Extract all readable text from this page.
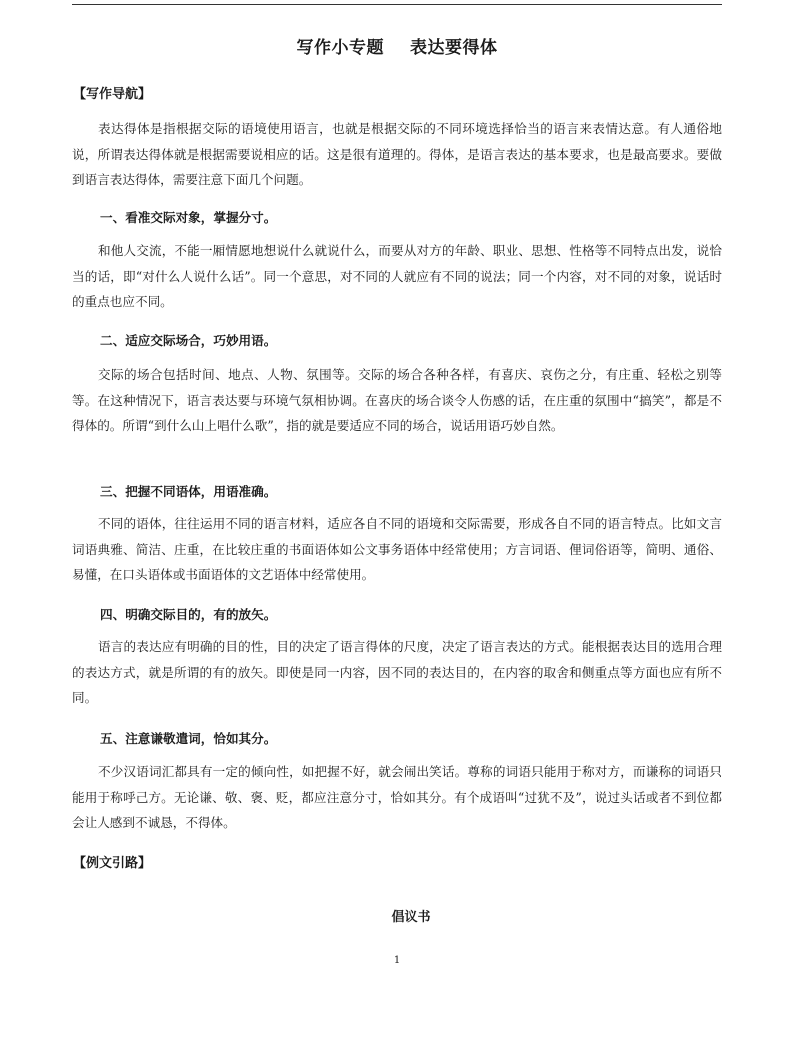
写作小专题 表达要得体
【写作导航】
表达得体是指根据交际的语境使用语言，也就是根据交际的不同环境选择恰当的语言来表情达意。有人通俗地说，所谓表达得体就是根据需要说相应的话。这是很有道理的。得体，是语言表达的基本要求，也是最高要求。要做到语言表达得体，需要注意下面几个问题。
一、看准交际对象，掌握分寸。
和他人交流，不能一厢情愿地想说什么就说什么，而要从对方的年龄、职业、思想、性格等不同特点出发，说恰当的话，即“对什么人说什么话”。同一个意思，对不同的人就应有不同的说法；同一个内容，对不同的对象，说话时的重点也应不同。
二、适应交际场合，巧妙用语。
交际的场合包括时间、地点、人物、氛围等。交际的场合各种各样，有喜庆、哀伤之分，有庄重、轻松之别等等。在这种情况下，语言表达要与环境气氛相协调。在喜庆的场合谈令人伤感的话，在庄重的氛围中“搞笑”，都是不得体的。所谓“到什么山上唱什么歌”，指的就是要适应不同的场合，说话用语巧妙自然。
三、把握不同语体，用语准确。
不同的语体，往往运用不同的语言材料，适应各自不同的语境和交际需要，形成各自不同的语言特点。比如文言词语典雅、简洁、庄重，在比较庄重的书面语体如公文事务语体中经常使用；方言词语、俚词俗语等，简明、通俗、易懂，在口头语体或书面语体的文艺语体中经常使用。
四、明确交际目的，有的放矢。
语言的表达应有明确的目的性，目的决定了语言得体的尺度，决定了语言表达的方式。能根据表达目的选用合理的表达方式，就是所谓的有的放矢。即使是同一内容，因不同的表达目的，在内容的取舍和侧重点等方面也应有所不同。
五、注意谦敬遣词，恰如其分。
不少汉语词汇都具有一定的倾向性，如把握不好，就会闹出笑话。尊称的词语只能用于称对方，而谦称的词语只能用于称呼己方。无论谦、敬、褒、贬，都应注意分寸，恰如其分。有个成语叫“过犹不及”，说过头话或者不到位都会让人感到不诚恳，不得体。
【例文引路】
倡议书
1
